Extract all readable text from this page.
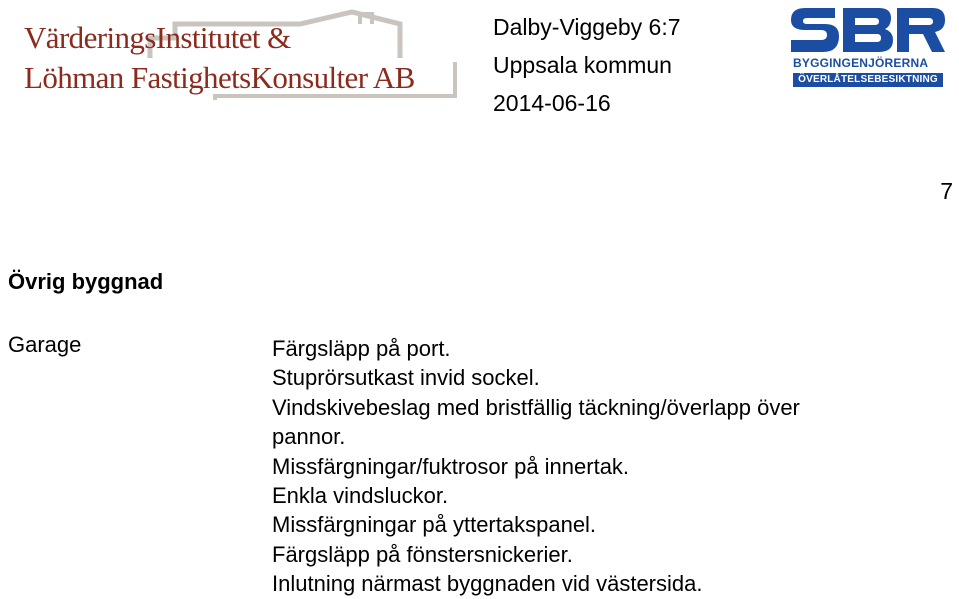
VärderingsInstitutet &

Löhman FastighetsKonsulter AB

Dalby-Viggeby 6:7
Uppsala kommun
2014-06-16
BYGGINGENJÖRERNA
ÖVERLÅTELSEBESIKTNING
7
Övrig byggnad
Garage	Färgsläpp på port.
Stuprörsutkast invid sockel.
Vindskivebeslag med bristfällig täckning/överlapp över
pannor.
Missfärgningar/fuktrosor på innertak.
Enkla vindsluckor.
Missfärgningar på yttertakspanel.
Färgsläpp på fönstersnickerier.
Inlutning närmast byggnaden vid västersida.
